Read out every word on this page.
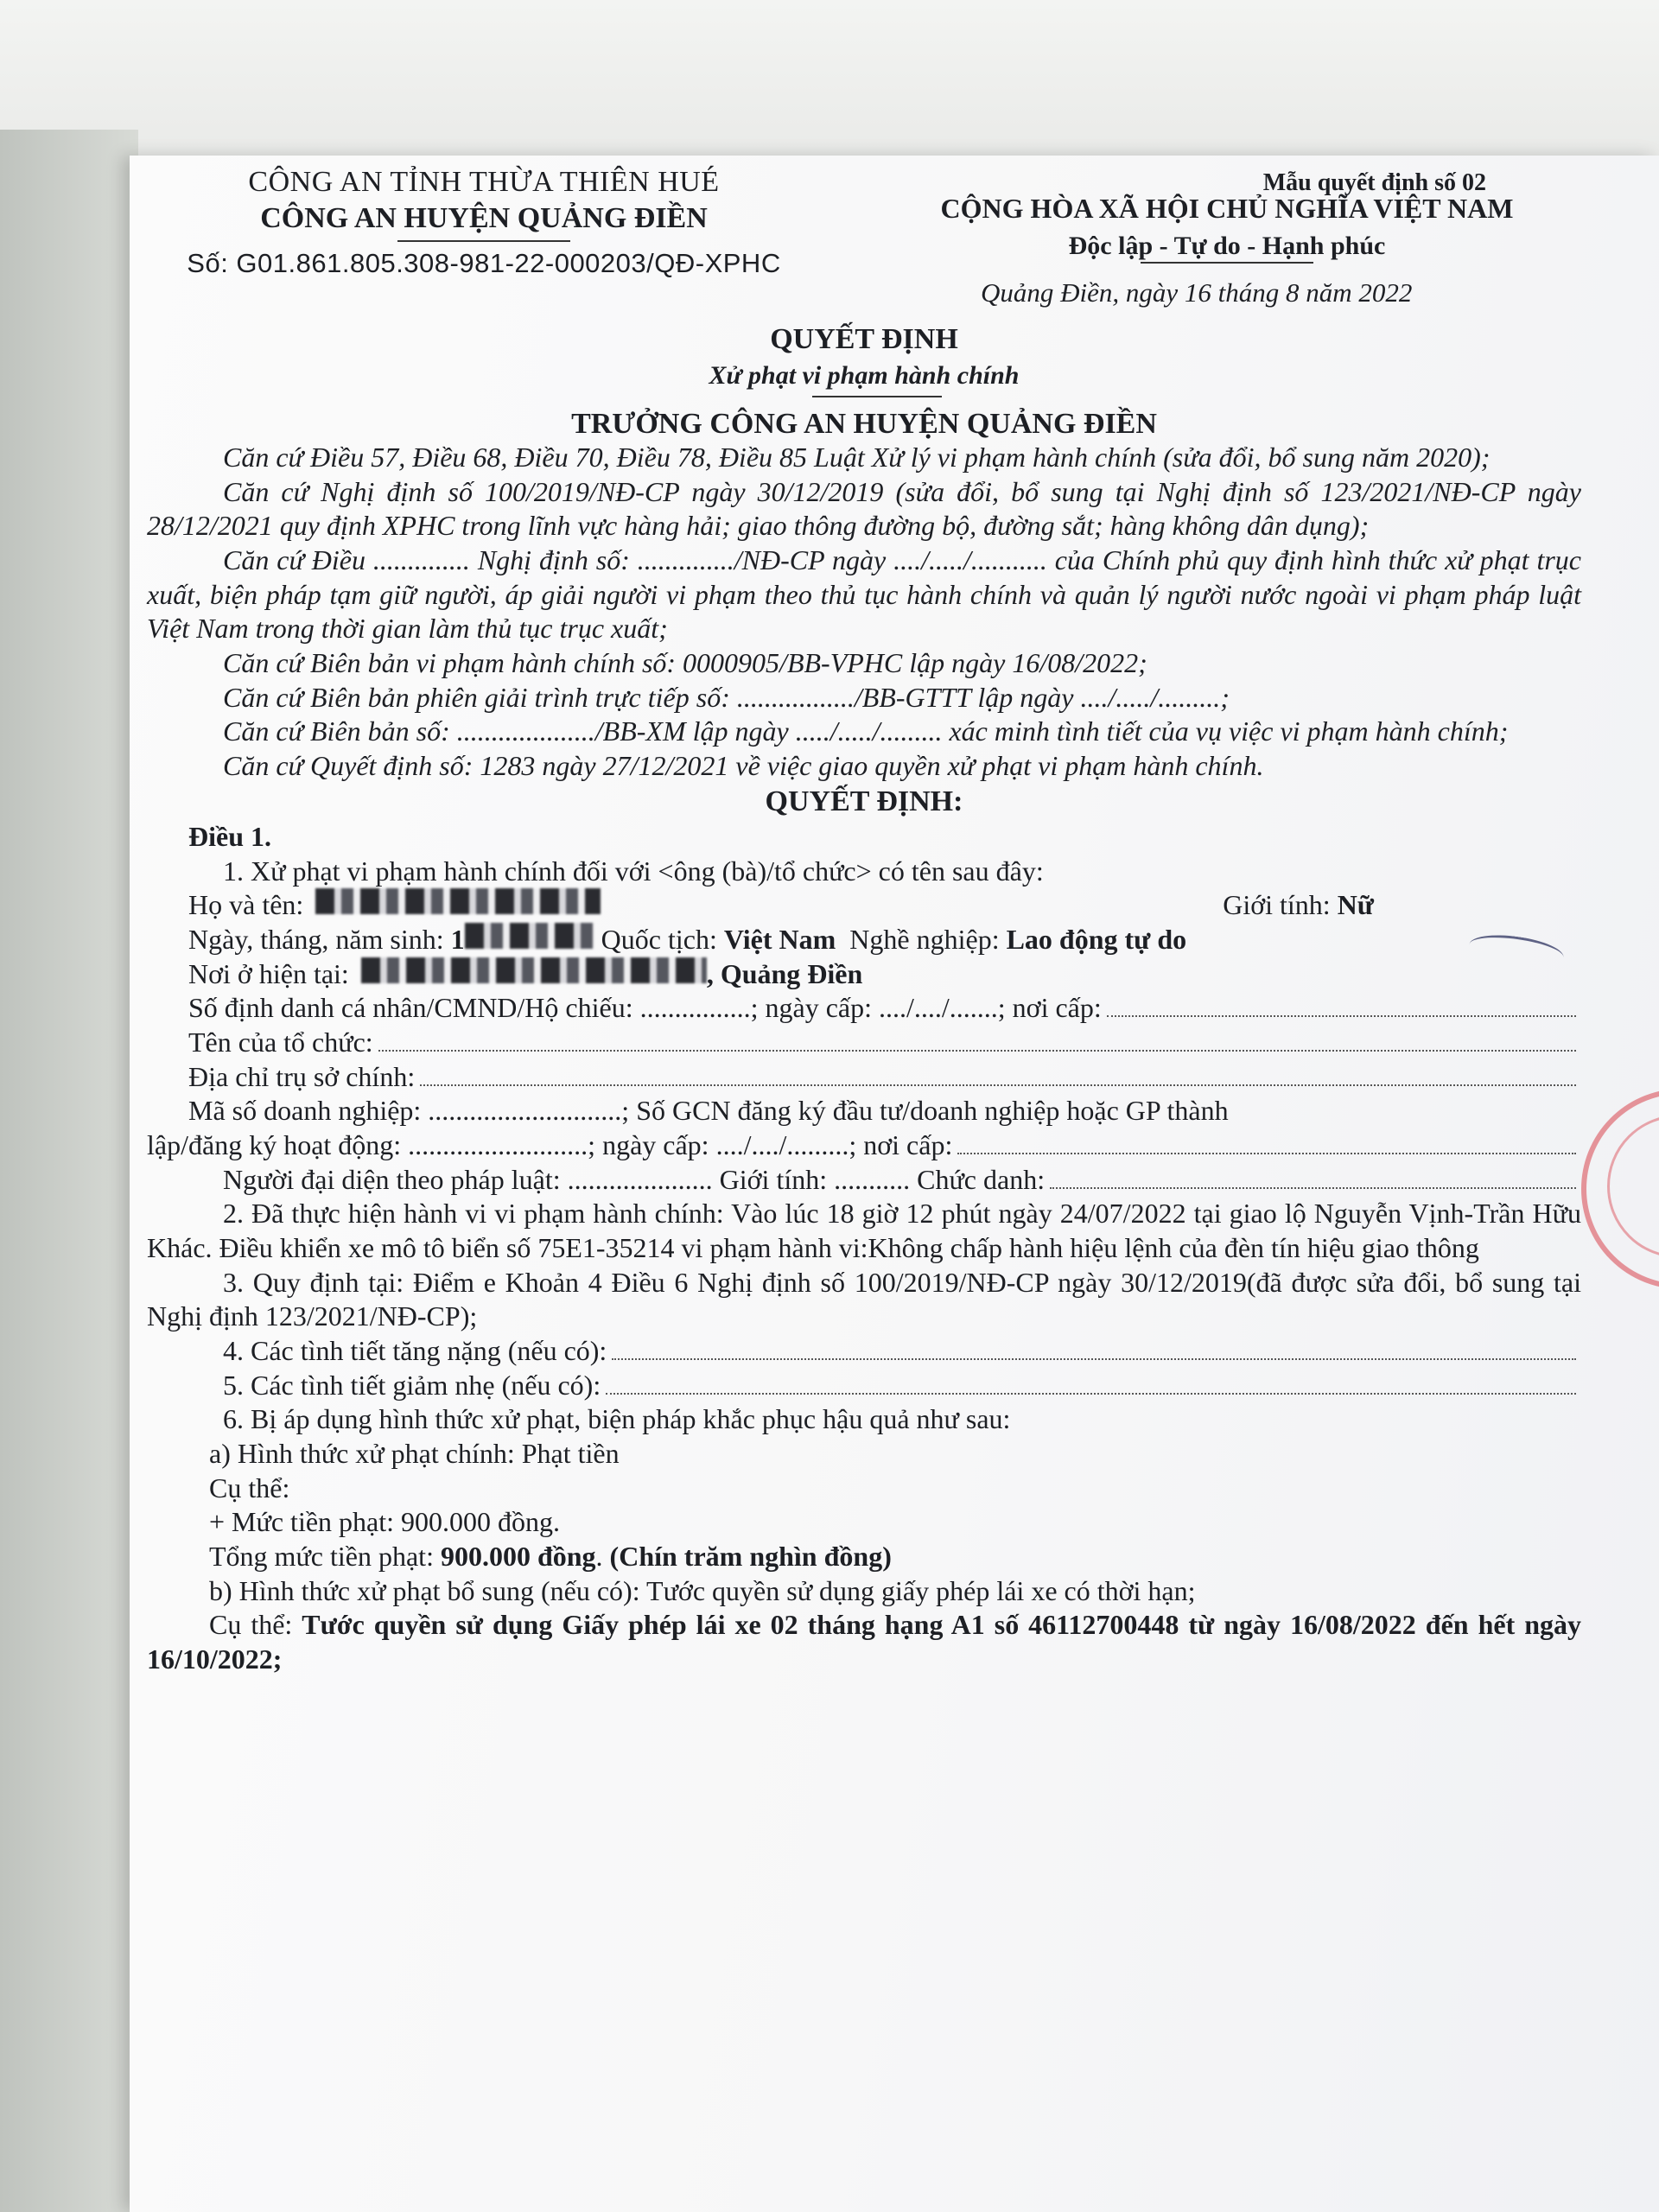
CÔNG AN TỈNH THỪA THIÊN HUÉ
CÔNG AN HUYỆN QUẢNG ĐIỀN
Số: G01.861.805.308-981-22-000203/QĐ-XPHC
Mẫu quyết định số 02
CỘNG HÒA XÃ HỘI CHỦ NGHĨA VIỆT NAM
Độc lập - Tự do - Hạnh phúc
Quảng Điền, ngày 16 tháng 8 năm 2022
QUYẾT ĐỊNH
Xử phạt vi phạm hành chính
TRƯỞNG CÔNG AN HUYỆN QUẢNG ĐIỀN

Căn cứ Điều 57, Điều 68, Điều 70, Điều 78, Điều 85 Luật Xử lý vi phạm hành chính (sửa đổi, bổ sung năm 2020);

Căn cứ Nghị định số 100/2019/NĐ-CP ngày 30/12/2019 (sửa đổi, bổ sung tại Nghị định số 123/2021/NĐ-CP ngày 28/12/2021 quy định XPHC trong lĩnh vực hàng hải; giao thông đường bộ, đường sắt; hàng không dân dụng);

Căn cứ Điều .............. Nghị định số: ............../NĐ-CP ngày ..../...../........... của Chính phủ quy định hình thức xử phạt trục xuất, biện pháp tạm giữ người, áp giải người vi phạm theo thủ tục hành chính và quản lý người nước ngoài vi phạm pháp luật Việt Nam trong thời gian làm thủ tục trục xuất;

Căn cứ Biên bản vi phạm hành chính số: 0000905/BB-VPHC lập ngày 16/08/2022;

Căn cứ Biên bản phiên giải trình trực tiếp số: ................./BB-GTTT lập ngày ..../...../.........;

Căn cứ Biên bản số: ..................../BB-XM lập ngày ...../...../......... xác minh tình tiết của vụ việc vi phạm hành chính;

Căn cứ Quyết định số: 1283 ngày 27/12/2021 về việc giao quyền xử phạt vi phạm hành chính.

QUYẾT ĐỊNH:

Điều 1.

1. Xử phạt vi phạm hành chính đối với <ông (bà)/tổ chức> có tên sau đây:

Họ và tên:	Giới tính:
Nữ
Ngày, tháng, năm sinh:
1
	Quốc tịch:
Việt Nam
Nghề nghiệp:
Lao động tự do
Nơi ở hiện tại:	, Quảng Điền
Số định danh cá nhân/CMND/Hộ chiếu:
................; ngày cấp: ..../..../.......; nơi cấp:
Tên của tổ chức:
Địa chỉ trụ sở chính:
Mã số doanh nghiệp:
............................; Số GCN đăng ký đầu tư/doanh nghiệp hoặc GP thành
lập/đăng ký hoạt động:
..........................; ngày cấp: ..../..../.........; nơi cấp:
Người đại diện theo pháp luật:
..................... Giới tính: ........... Chức danh:

2. Đã thực hiện hành vi vi phạm hành chính: Vào lúc 18 giờ 12 phút ngày 24/07/2022 tại giao lộ Nguyễn Vịnh-Trần Hữu Khác. Điều khiển xe mô tô biển số 75E1-35214 vi phạm hành vi:Không chấp hành hiệu lệnh của đèn tín hiệu giao thông

3. Quy định tại: Điểm e Khoản 4 Điều 6 Nghị định số 100/2019/NĐ-CP ngày 30/12/2019(đã được sửa đổi, bổ sung tại Nghị định 123/2021/NĐ-CP);

4. Các tình tiết tăng nặng (nếu có):
5. Các tình tiết giảm nhẹ (nếu có):

6. Bị áp dụng hình thức xử phạt, biện pháp khắc phục hậu quả như sau:

a) Hình thức xử phạt chính: Phạt tiền

Cụ thể:

+ Mức tiền phạt: 900.000 đồng.

Tổng mức tiền phạt:
900.000 đồng . (Chín trăm nghìn đồng)

b) Hình thức xử phạt bổ sung (nếu có): Tước quyền sử dụng giấy phép lái xe có thời hạn;

Cụ thể: Tước quyền sử dụng Giấy phép lái xe 02 tháng hạng A1 số 46112700448 từ ngày 16/08/2022 đến hết ngày 16/10/2022;
